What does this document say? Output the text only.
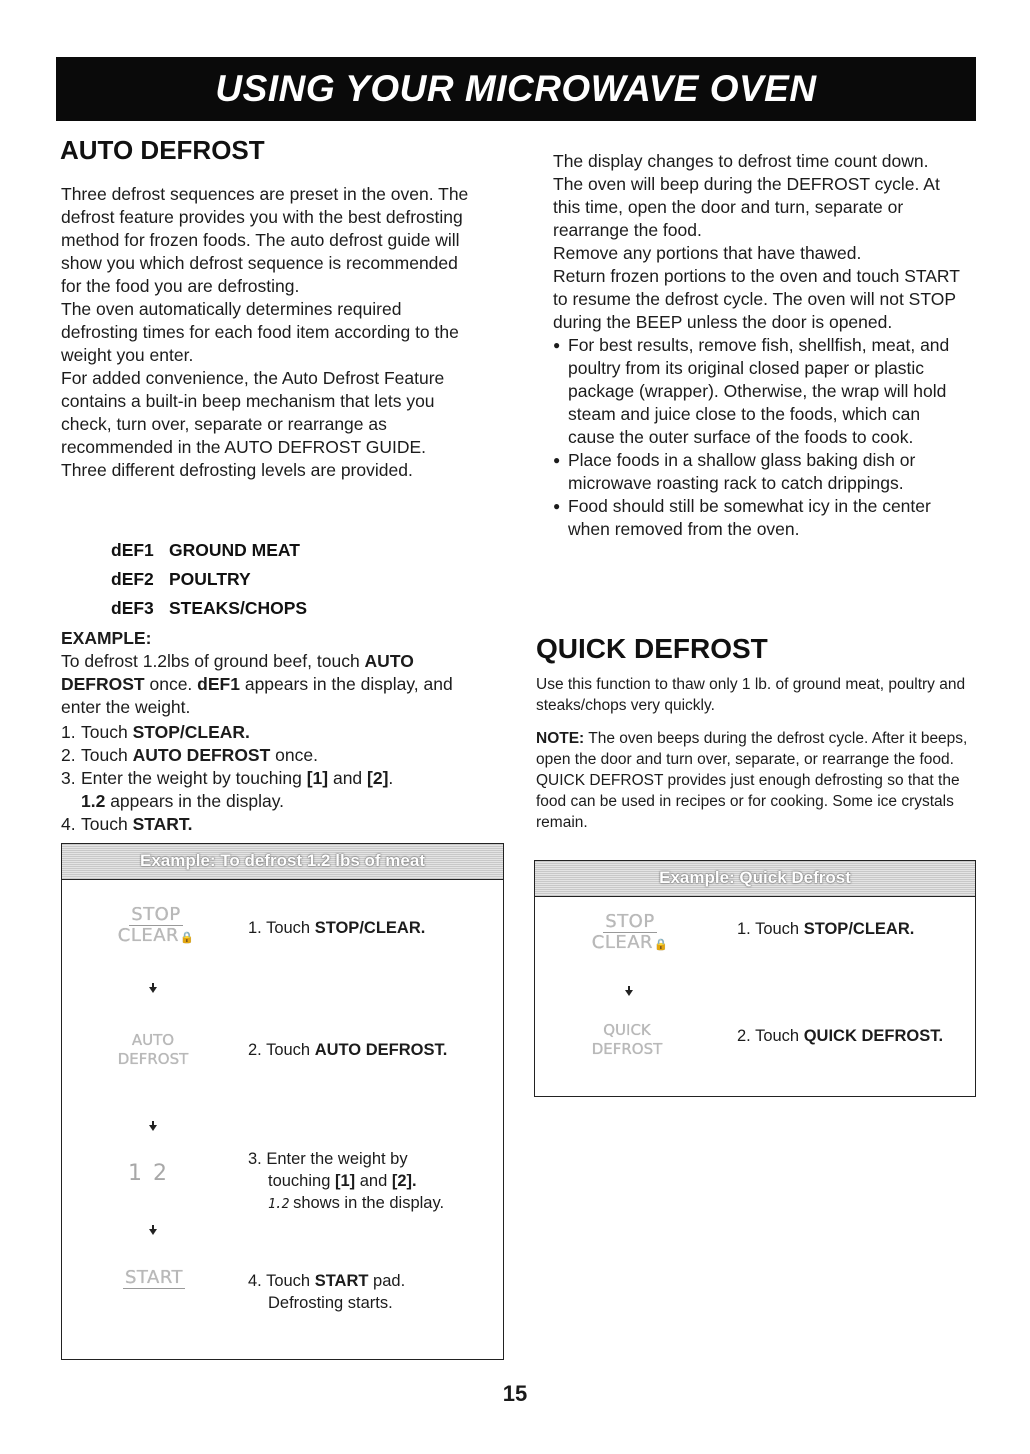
USING YOUR MICROWAVE OVEN
AUTO DEFROST

Three defrost sequences are preset in the oven. The defrost feature provides you with the best defrosting method for frozen foods. The auto defrost guide will show you which defrost sequence is recommended for the food you are defrosting.

The oven automatically determines required defrosting times for each food item according to the weight you enter.

For added convenience, the Auto Defrost Feature contains a built-in beep mechanism that lets you check, turn over, separate or rearrange as recommended in the AUTO DEFROST GUIDE.

Three different defrosting levels are provided.

dEF1 GROUND MEAT
dEF2 POULTRY
dEF3 STEAKS/CHOPS

EXAMPLE:

To defrost 1.2lbs of ground beef, touch AUTO DEFROST once. dEF1 appears in the display, and enter the weight.

1. Touch STOP/CLEAR.
2. Touch AUTO DEFROST once.
3. Enter the weight by touching [1] and [2].
1.2 appears in the display.
4. Touch START.

The display changes to defrost time count down. The oven will beep during the DEFROST cycle. At this time, open the door and turn, separate or rearrange the food.

Remove any portions that have thawed.

Return frozen portions to the oven and touch START to resume the defrost cycle. The oven will not STOP during the BEEP unless the door is opened.

● For best results, remove fish, shellfish, meat, and poultry from its original closed paper or plastic package (wrapper). Otherwise, the wrap will hold steam and juice close to the foods, which can cause the outer surface of the foods to cook.
● Place foods in a shallow glass baking dish or microwave roasting rack to catch drippings.
● Food should still be somewhat icy in the center when removed from the oven.
QUICK DEFROST

Use this function to thaw only 1 lb. of ground meat, poultry and steaks/chops very quickly.

NOTE: The oven beeps during the defrost cycle. After it beeps, open the door and turn over, separate, or rearrange the food. QUICK DEFROST provides just enough defrosting so that the food can be used in recipes or for cooking. Some ice crystals remain.

Example: To defrost 1.2 lbs of meat
STOP
CLEAR🔒
1. Touch STOP/CLEAR.
AUTO
DEFROST	2. Touch AUTO DEFROST.
1 2
3. Enter the weight by
touching [1] and [2].
1.2 shows in the display.
START	4. Touch START pad.
Defrosting starts.
Example: Quick Defrost
STOP
CLEAR🔒
1. Touch STOP/CLEAR.
QUICK
DEFROST
2. Touch QUICK DEFROST.
15
